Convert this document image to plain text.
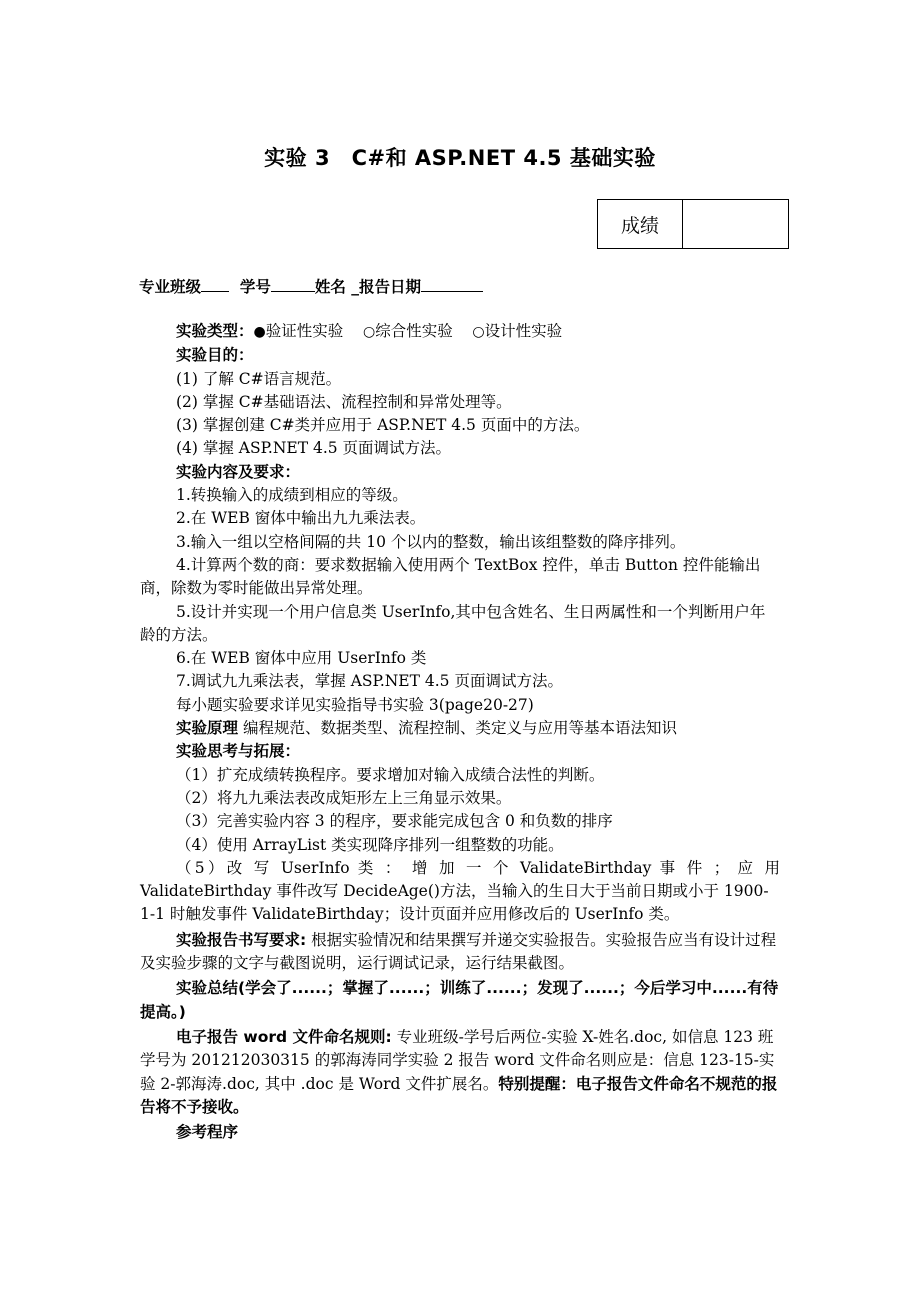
实验 3　C#和 ASP.NET 4.5 基础实验
成绩
专业班级	学号	姓名 _报告日期

实验类型：●验证性实验 ○综合性实验 ○设计性实验

实验目的：

(1) 了解 C#语言规范。

(2) 掌握 C#基础语法、流程控制和异常处理等。

(3) 掌握创建 C#类并应用于 ASP.NET 4.5 页面中的方法。

(4) 掌握 ASP.NET 4.5 页面调试方法。

实验内容及要求：

1.转换输入的成绩到相应的等级。

2.在 WEB 窗体中输出九九乘法表。

3.输入一组以空格间隔的共 10 个以内的整数，输出该组整数的降序排列。

4.计算两个数的商：要求数据输入使用两个 TextBox 控件，单击 Button 控件能输出商，除数为零时能做出异常处理。

5.设计并实现一个用户信息类 UserInfo,其中包含姓名、生日两属性和一个判断用户年龄的方法。

6.在 WEB 窗体中应用 UserInfo 类

7.调试九九乘法表，掌握 ASP.NET 4.5 页面调试方法。

每小题实验要求详见实验指导书实验 3(page20-27)

实验原理 编程规范、数据类型、流程控制、类定义与应用等基本语法知识

实验思考与拓展：

（1）扩充成绩转换程序。要求增加对输入成绩合法性的判断。

（2）将九九乘法表改成矩形左上三角显示效果。

（3）完善实验内容 3 的程序，要求能完成包含 0 和负数的排序

（4）使用 ArrayList 类实现降序排列一组整数的功能。

（5）改 写 UserInfo 类 ： 增 加 一 个 ValidateBirthday 事 件 ； 应 用

ValidateBirthday 事件改写 DecideAge()方法，当输入的生日大于当前日期或小于 1900-1-1 时触发事件 ValidateBirthday；设计页面并应用修改后的 UserInfo 类。

实验报告书写要求: 根据实验情况和结果撰写并递交实验报告。实验报告应当有设计过程及实验步骤的文字与截图说明，运行调试记录，运行结果截图。

实验总结(学会了......；掌握了......；训练了......；发现了......；今后学习中......有待提高。)

电子报告 word 文件命名规则: 专业班级-学号后两位-实验 X-姓名.doc, 如信息 123 班学号为 201212030315 的郭海涛同学实验 2 报告 word 文件命名则应是：信息 123-15-实验 2-郭海涛.doc, 其中 .doc 是 Word 文件扩展名。特别提醒：电子报告文件命名不规范的报告将不予接收。

参考程序
